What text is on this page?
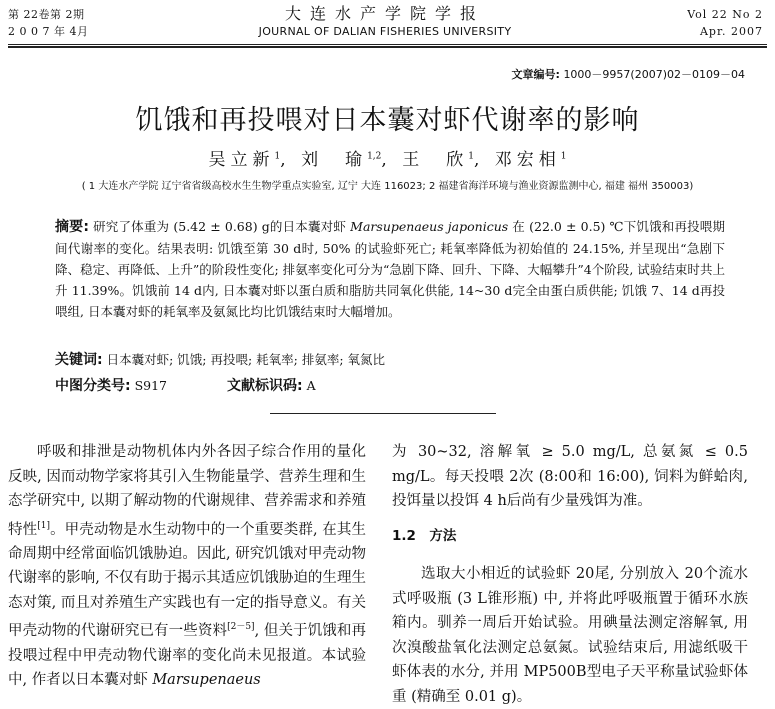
第 22卷第 2期
2 0 0 7 年 4月
大连水产学院学报
JOURNAL OF DALIAN FISHERIES UNIVERSITY
Vol 22 No 2
Apr. 2007
文章编号: 1000－9957(2007)02－0109－04
饥饿和再投喂对日本囊对虾代谢率的影响
吴立新$^1$, 刘　瑜$^{1,2}$, 王　欣$^1$, 邓宏相$^1$
( 1 大连水产学院 辽宁省省级高校水生生物学重点实验室, 辽宁 大连 116023; 2 福建省海洋环境与渔业资源监测中心, 福建 福州 350003)
摘要: 研究了体重为 (5.42 ± 0.68) g的日本囊对虾 Marsupenaeus japonicus 在 (22.0 ± 0.5) ℃下饥饿和再投喂期间代谢率的变化。结果表明: 饥饿至第 30 d时, 50% 的试验虾死亡; 耗氧率降低为初始值的 24.15%, 并呈现出“急剧下降、稳定、再降低、上升”的阶段性变化; 排氨率变化可分为“急剧下降、回升、下降、大幅攀升”4个阶段, 试验结束时共上升 11.39%。饥饿前 14 d内, 日本囊对虾以蛋白质和脂肪共同氧化供能, 14~30 d完全由蛋白质供能; 饥饿 7、14 d再投喂组, 日本囊对虾的耗氧率及氨氮比均比饥饿结束时大幅增加。
关键词: 日本囊对虾; 饥饿; 再投喂; 耗氧率; 排氨率; 氧氮比
中图分类号: S917	文献标识码: A

呼吸和排泄是动物机体内外各因子综合作用的量化反映, 因而动物学家将其引入生物能量学、营养生理和生态学研究中, 以期了解动物的代谢规律、营养需求和养殖特性[1]。甲壳动物是水生动物中的一个重要类群, 在其生命周期中经常面临饥饿胁迫。因此, 研究饥饿对甲壳动物代谢率的影响, 不仅有助于揭示其适应饥饿胁迫的生理生态对策, 而且对养殖生产实践也有一定的指导意义。有关甲壳动物的代谢研究已有一些资料[2－5], 但关于饥饿和再投喂过程中甲壳动物代谢率的变化尚未见报道。本试验中, 作者以日本囊对虾 Marsupenaeus

为 30~32, 溶解氧 ≥ 5.0 mg/L, 总氨氮 ≤ 0.5 mg/L。每天投喂 2次 (8:00和 16:00), 饲料为鲜蛤肉, 投饵量以投饵 4 h后尚有少量残饵为准。

1.2　方法

选取大小相近的试验虾 20尾, 分别放入 20个流水式呼吸瓶 (3 L锥形瓶) 中, 并将此呼吸瓶置于循环水族箱内。驯养一周后开始试验。用碘量法测定溶解氧, 用次溴酸盐氧化法测定总氨氮。试验结束后, 用滤纸吸干虾体表的水分, 并用 MP500B型电子天平称量试验虾体重 (精确至 0.01 g)。
